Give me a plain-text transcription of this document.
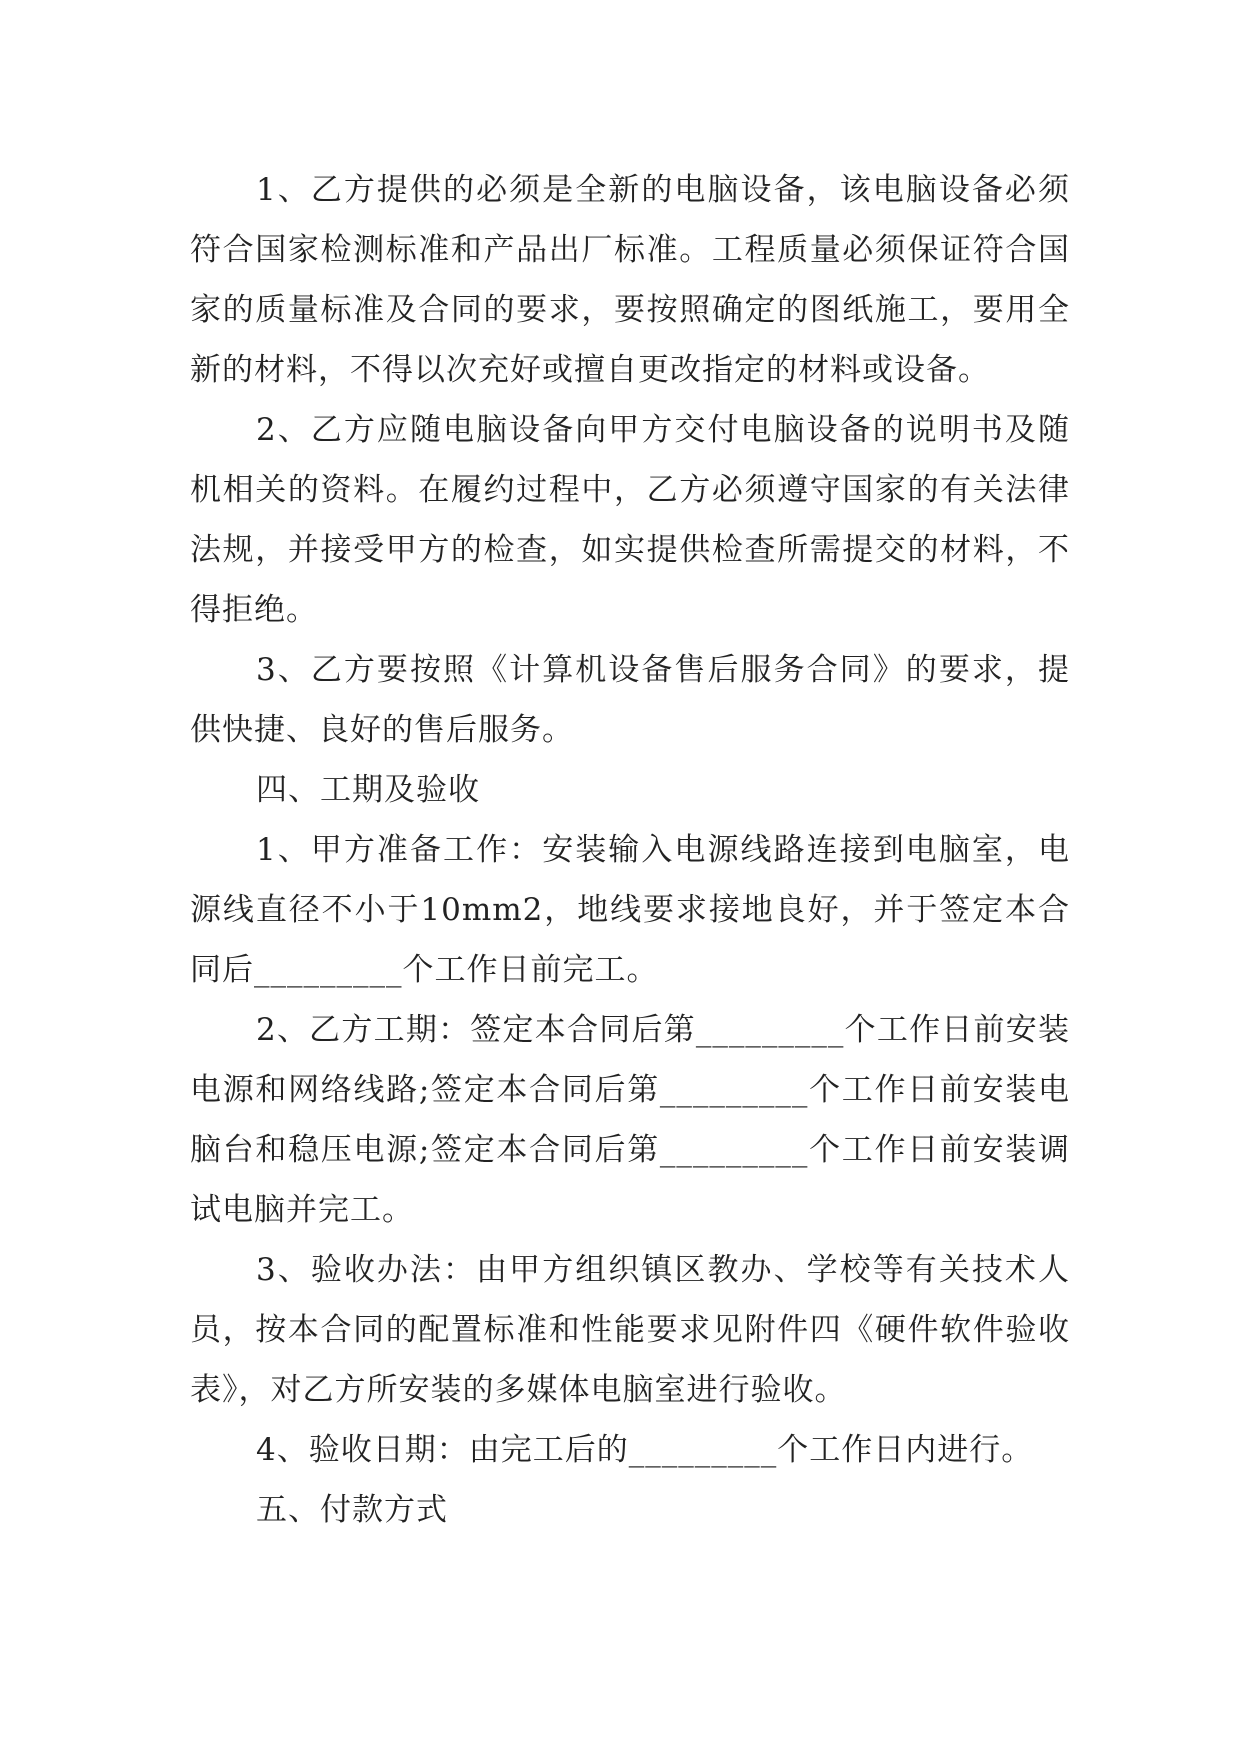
1、乙方提供的必须是全新的电脑设备，该电脑设备必须符合国家检测标准和产品出厂标准。工程质量必须保证符合国家的质量标准及合同的要求，要按照确定的图纸施工，要用全新的材料，不得以次充好或擅自更改指定的材料或设备。

2、乙方应随电脑设备向甲方交付电脑设备的说明书及随机相关的资料。在履约过程中，乙方必须遵守国家的有关法律法规，并接受甲方的检查，如实提供检查所需提交的材料，不得拒绝。

3、乙方要按照《计算机设备售后服务合同》的要求，提供快捷、良好的售后服务。

四、工期及验收

1、甲方准备工作：安装输入电源线路连接到电脑室，电源线直径不小于10mm2，地线要求接地良好，并于签定本合同后_________个工作日前完工。

2、乙方工期：签定本合同后第_________个工作日前安装电源和网络线路;签定本合同后第_________个工作日前安装电脑台和稳压电源;签定本合同后第_________个工作日前安装调试电脑并完工。

3、验收办法：由甲方组织镇区教办、学校等有关技术人员，按本合同的配置标准和性能要求见附件四《硬件软件验收表》，对乙方所安装的多媒体电脑室进行验收。

4、验收日期：由完工后的_________个工作日内进行。

五、付款方式
